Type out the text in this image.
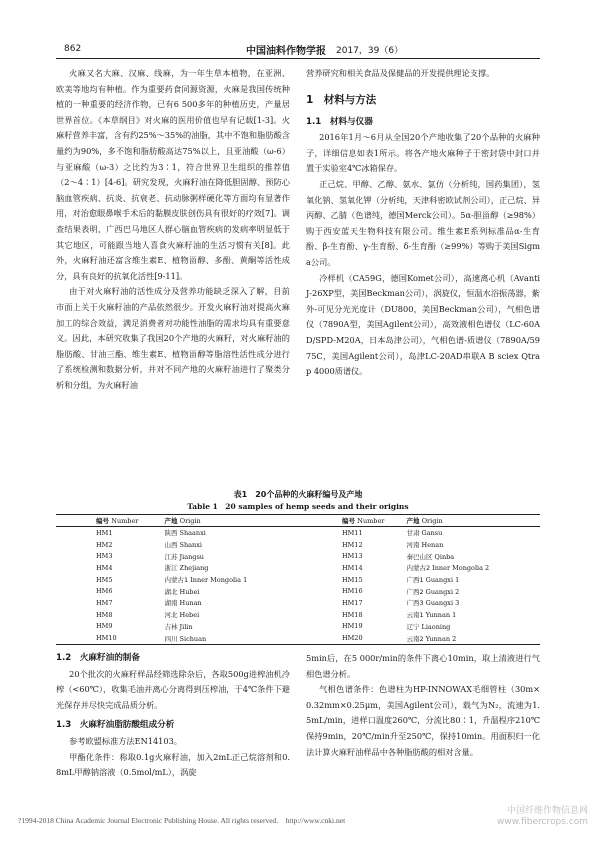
862	中国油料作物学报 2017，39（6）

火麻又名大麻、汉麻、线麻，为一年生草本植物，在亚洲、欧美等地均有种植。作为重要药食同源资源，火麻是我国传统种植的一种重要的经济作物，已有6 500多年的种植历史，产量居世界首位。《本草纲目》对火麻的医用价值也早有记载[1-3]。火麻籽营养丰富，含有约25%～35%的油脂，其中不饱和脂肪酸含量约为90%，多不饱和脂肪酸高达75%以上，且亚油酸（ω-6）与亚麻酸（ω-3）之比约为3∶1，符合世界卫生组织的推荐值（2～4∶1）[4-6]。研究发现，火麻籽油在降低胆固醇、预防心脑血管疾病、抗炎、抗衰老、抗动脉粥样硬化等方面均有显著作用，对治愈眼鼻喉手术后的黏膜皮肤创伤具有很好的疗效[7]。调查结果表明，广西巴马地区人群心脑血管疾病的发病率明显低于其它地区，可能跟当地人喜食火麻籽油的生活习惯有关[8]。此外，火麻籽油还富含维生素E、植物甾醇、多酚、黄酮等活性成分，具有良好的抗氧化活性[9-11]。

由于对火麻籽油的活性成分及营养功能缺乏深入了解，目前市面上关于火麻籽油的产品依然很少。开发火麻籽油对提高火麻加工的综合效益，满足消费者对功能性油脂的需求均具有重要意义。因此，本研究收集了我国20个产地的火麻籽，对火麻籽油的脂肪酸、甘油三酯、维生素E、植物甾醇等脂溶性活性成分进行了系统检测和数据分析，并对不同产地的火麻籽油进行了聚类分析和分组，为火麻籽油

营养研究和相关食品及保健品的开发提供理论支撑。

1　材料与方法

1.1　材料与仪器

2016年1月～6月从全国20个产地收集了20个品种的火麻种子，详细信息如表1所示。将各产地火麻种子于密封袋中封口并置于实验室4℃冰箱保存。

正己烷、甲醇、乙醇、氨水、氯仿（分析纯，国药集团），氢氧化钠、氢氧化钾（分析纯，天津科密欧试剂公司），正己烷、异丙醇、乙腈（色谱纯，德国Merck公司）。5α-胆甾醇（≥98%）购于西安蓝天生物科技有限公司。维生素E系列标准品α-生育酚、β-生育酚、γ-生育酚、δ-生育酚（≥99%）等购于美国Sigma公司。

冷样机（CA59G，德国Komet公司），高速离心机（Avanti J-26XP型，美国Beckman公司），涡旋仪，恒温水浴振荡器，紫外-可见分光光度计（DU800，美国Beckman公司），气相色谱仪（7890A型，美国Agilent公司），高效液相色谱仪（LC-60AD/SPD-M20A，日本岛津公司），气相色谱-质谱仪（7890A/5975C，美国Agilent公司），岛津LC-20AD串联A B sciex Qtrap 4000质谱仪。

表1　20个品种的火麻籽编号及产地
Table 1　20 samples of hemp seeds and their origins
编号 Number	产地 Origin	编号 Number	产地 Origin
HM1	陕西 Shaanxi	HM11	甘肃 Gansu
HM2	山西 Shanxi	HM12	河南 Henan
HM3	江苏 Jiangsu	HM13	秦巴山区 Qinba
HM4	浙江 Zhejiang	HM14	内蒙古2 Inner Mongolia 2
HM5	内蒙古1 Inner Mongolia 1	HM15	广西1 Guangxi 1
HM6	湖北 Hubei	HM16	广西2 Guangxi 2
HM7	湖南 Hunan	HM17	广西3 Guangxi 3
HM8	河北 Hebei	HM18	云南1 Yunnan 1
HM9	吉林 Jilin	HM19	辽宁 Liaoning
HM10	四川 Sichuan	HM20	云南2 Yunnan 2

1.2　火麻籽油的制备

20个批次的火麻籽样品经筛选除杂后，各取500g进榨油机冷榨（<60℃），收集毛油并离心分离得到压榨油，于4℃条件下避光保存并尽快完成品质分析。

1.3　火麻籽油脂肪酸组成分析

参考欧盟标准方法EN14103。

甲酯化条件：称取0.1g火麻籽油，加入2mL正己烷溶剂和0.8mL甲醇钠溶液（0.5mol/mL），涡旋

5min后，在5 000r/min的条件下离心10min，取上清液进行气相色谱分析。

气相色谱条件：色谱柱为HP-INNOWAX毛细管柱（30m×0.32mm×0.25μm，美国Agilent公司），载气为N₂，流速为1.5mL/min，进样口温度260℃，分流比80∶1，升温程序210℃保持9min，20℃/min升至250℃，保持10min。用面积归一化法计算火麻籽油样品中各种脂肪酸的相对含量。

?1994-2018 China Academic Journal Electronic Publishing House. All rights reserved.    http://www.cnki.net
中国纤维作物信息网
www.fibercrops.com
